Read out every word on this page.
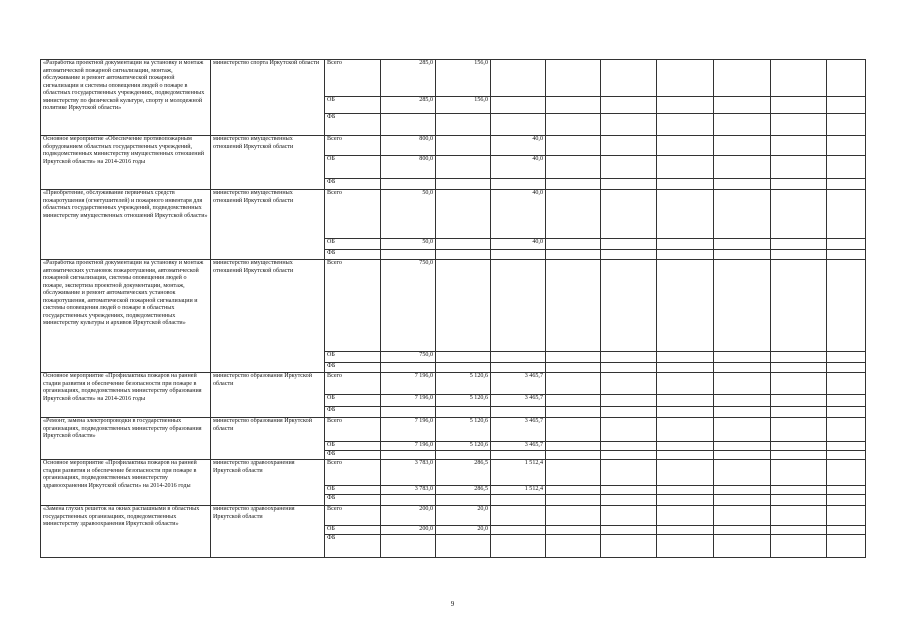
«Разработка проектной документации на установку и монтаж автоматической пожарной сигнализации, монтаж, обслуживание и ремонт автоматической пожарной сигнализации и системы оповещения людей о пожаре в областных государственных учреждениях, подведомственных министерству по физической культуре, спорту и молодежной политике Иркутской области»	министерство спорта Иркутской области	Всего	285,0	156,0							
		ОБ	285,0	156,0							
		ФБ									
Основное мероприятие «Обеспечение противопожарным оборудованием областных государственных учреждений, подведомственных министерству имущественных отношений Иркутской области» на 2014-2016 годы	министерство имущественных отношений Иркутской области	Всего	800,0		40,0						
		ОБ	800,0		40,0						
		ФБ									
«Приобретение, обслуживание первичных средств пожаротушения (огнетушителей) и пожарного инвентаря для областных государственных учреждений, подведомственных министерству имущественных отношений Иркутской области»	министерство имущественных отношений Иркутской области	Всего	50,0		40,0						
		ОБ	50,0		40,0						
		ФБ									
«Разработка проектной документации на установку и монтаж автоматических установок пожаротушения, автоматической пожарной сигнализации, системы оповещения людей о пожаре, экспертиза проектной документации, монтаж, обслуживание и ремонт автоматических установок пожаротушения, автоматической пожарной сигнализации и системы оповещения людей о пожаре в областных государственных учреждениях, подведомственных министерству культуры и архивов Иркутской области»	министерство имущественных отношений Иркутской области	Всего	750,0								
		ОБ	750,0								
		ФБ									
Основное мероприятие «Профилактика пожаров на ранней стадии развития и обеспечение безопасности при пожаре в организациях, подведомственных министерству образования Иркутской области» на 2014-2016 годы	министерство образования Иркутской области	Всего	7 196,0	5 120,6	3 465,7						
		ОБ	7 196,0	5 120,6	3 465,7						
		ФБ									
«Ремонт, замена электропроводки в государственных организациях, подведомственных министерству образования Иркутской области»	министерство образования Иркутской области	Всего	7 196,0	5 120,6	3 465,7						
		ОБ	7 196,0	5 120,6	3 465,7						
		ФБ									
Основное мероприятие «Профилактика пожаров на ранней стадии развития и обеспечение безопасности при пожаре в организациях, подведомственных министерству здравоохранения Иркутской области» на 2014-2016 годы	министерство здравоохранения Иркутской области	Всего	3 783,0	286,5	1 512,4						
		ОБ	3 783,0	286,5	1 512,4						
		ФБ									
«Замена глухих решеток на окнах распашными в областных государственных организациях, подведомственных министерству здравоохранения Иркутской области»	министерство здравоохранения Иркутской области	Всего	200,0	20,0							
		ОБ	200,0	20,0							
		ФБ									
9
